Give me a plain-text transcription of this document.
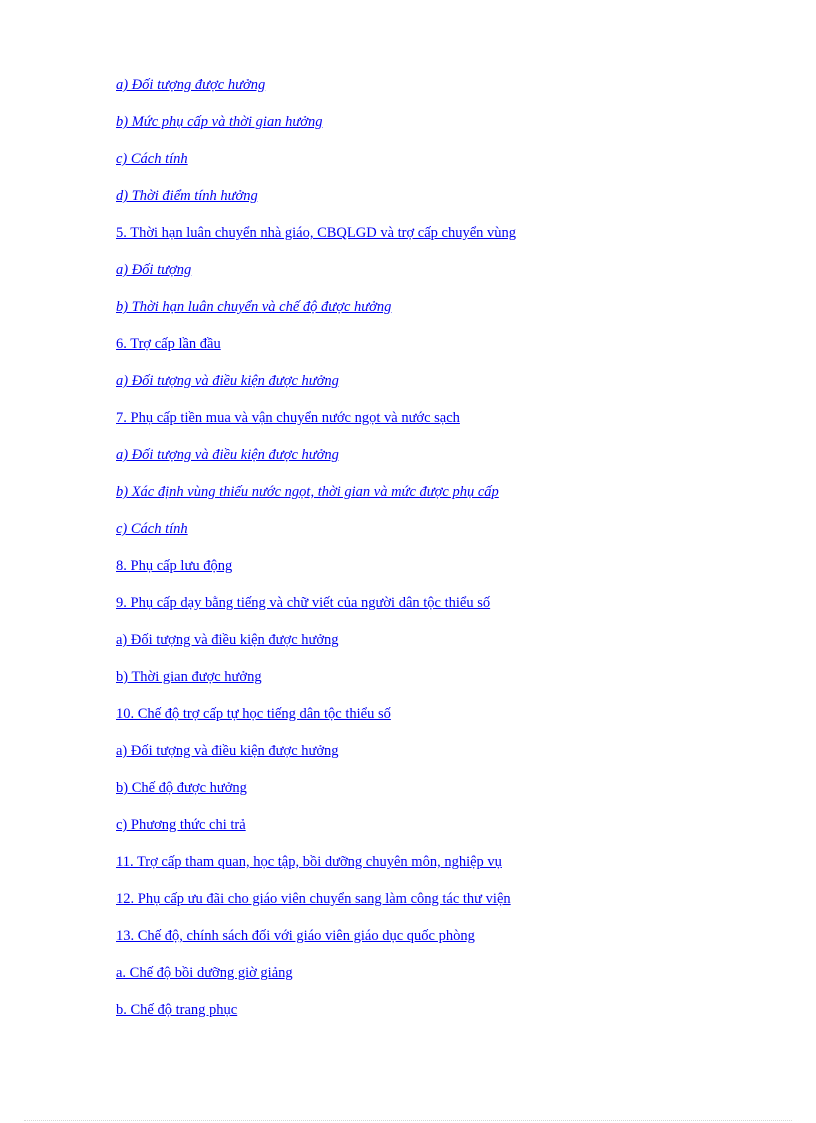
a) Đối tượng được hưởng
b) Mức phụ cấp và thời gian hưởng
c) Cách tính
d) Thời điểm tính hưởng
5. Thời hạn luân chuyển nhà giáo, CBQLGD và trợ cấp chuyển vùng
a) Đối tượng
b) Thời hạn luân chuyển và chế độ được hưởng
6. Trợ cấp lần đầu
a) Đối tượng và điều kiện được hưởng
7. Phụ cấp tiền mua và vận chuyển nước ngọt và nước sạch
a) Đối tượng và điều kiện được hưởng
b) Xác định vùng thiếu nước ngọt, thời gian và mức được phụ cấp
c) Cách tính
8. Phụ cấp lưu động
9. Phụ cấp dạy bằng tiếng và chữ viết của người dân tộc thiểu số
a) Đối tượng và điều kiện được hưởng
b) Thời gian được hưởng
10. Chế độ trợ cấp tự học tiếng dân tộc thiểu số
a) Đối tượng và điều kiện được hưởng
b) Chế độ được hưởng
c) Phương thức chi trả
11. Trợ cấp tham quan, học tập, bồi dưỡng chuyên môn, nghiệp vụ
12. Phụ cấp ưu đãi cho giáo viên chuyển sang làm công tác thư viện
13. Chế độ, chính sách đối với giáo viên giáo dục quốc phòng
a. Chế độ bồi dưỡng giờ giảng
b. Chế độ trang phục
